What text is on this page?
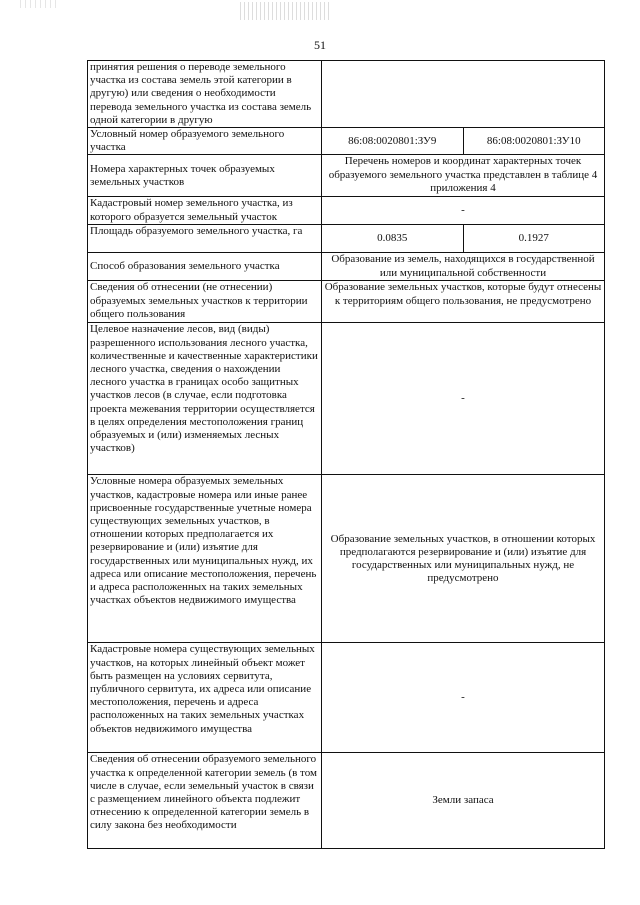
51
принятия решения о переводе земельного участка из состава земель этой категории в другую) или сведения о необходимости перевода земельного участка из состава земель одной категории в другую		
Условный номер образуемого земельного участка	86:08:0020801:ЗУ9	86:08:0020801:ЗУ10
Номера характерных точек образуемых земельных участков	Перечень номеров и координат характерных точек образуемого земельного участка представлен в таблице 4 приложения 4	
Кадастровый номер земельного участка, из которого образуется земельный участок	-	
Площадь образуемого земельного участка, га	0.0835	0.1927
Способ образования земельного участка	Образование из земель, находящихся в государственной или муниципальной собственности	
Сведения об отнесении (не отнесении) образуемых земельных участков к территории общего пользования	Образование земельных участков, которые будут отнесены к территориям общего пользования, не предусмотрено	
Целевое назначение лесов, вид (виды) разрешенного использования лесного участка, количественные и качественные характеристики лесного участка, сведения о нахождении лесного участка в границах особо защитных участков лесов (в случае, если подготовка проекта межевания территории осуществляется в целях определения местоположения границ образуемых и (или) изменяемых лесных участков)	-	
Условные номера образуемых земельных участков, кадастровые номера или иные ранее присвоенные государственные учетные номера существующих земельных участков, в отношении которых предполагается их резервирование и (или) изъятие для государственных или муниципальных нужд, их адреса или описание местоположения, перечень и адреса расположенных на таких земельных участках объектов недвижимого имущества	Образование земельных участков, в отношении которых предполагаются резервирование и (или) изъятие для государственных или муниципальных нужд, не предусмотрено	
Кадастровые номера существующих земельных участков, на которых линейный объект может быть размещен на условиях сервитута, публичного сервитута, их адреса или описание местоположения, перечень и адреса расположенных на таких земельных участках объектов недвижимого имущества	-	
Сведения об отнесении образуемого земельного участка к определенной категории земель (в том числе в случае, если земельный участок в связи с размещением линейного объекта подлежит отнесению к определенной категории земель в силу закона без необходимости	Земли запаса	
